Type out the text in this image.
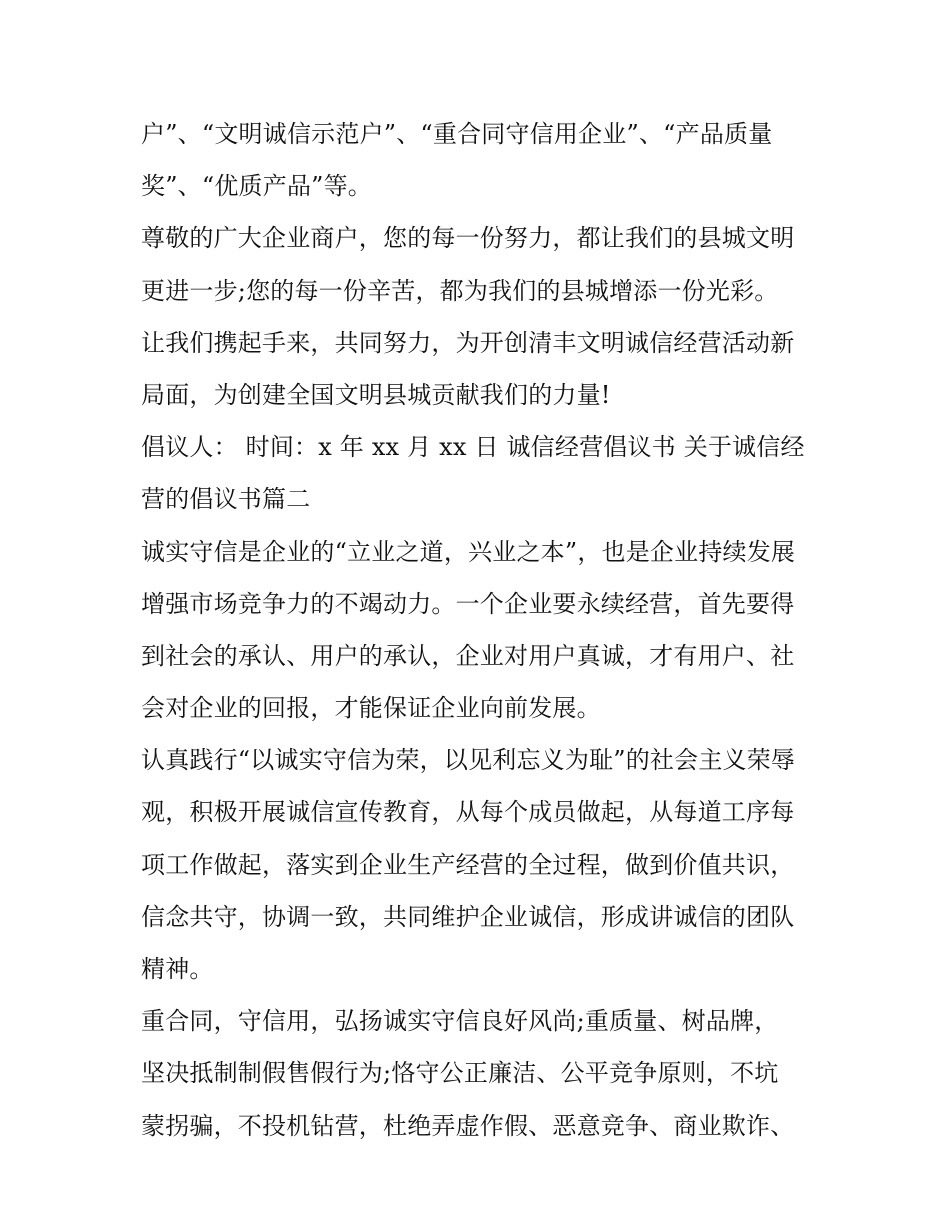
户”、“文明诚信示范户”、“重合同守信用企业”、“产品质量
奖”、“优质产品”等。
尊敬的广大企业商户，您的每一份努力，都让我们的县城文明
更进一步;您的每一份辛苦，都为我们的县城增添一份光彩。
让我们携起手来，共同努力，为开创清丰文明诚信经营活动新
局面，为创建全国文明县城贡献我们的力量!
倡议人： 时间：x 年 xx 月 xx 日 诚信经营倡议书 关于诚信经
营的倡议书篇二
诚实守信是企业的“立业之道，兴业之本”，也是企业持续发展
增强市场竞争力的不竭动力。一个企业要永续经营，首先要得
到社会的承认、用户的承认，企业对用户真诚，才有用户、社
会对企业的回报，才能保证企业向前发展。
认真践行“以诚实守信为荣，以见利忘义为耻”的社会主义荣辱
观，积极开展诚信宣传教育，从每个成员做起，从每道工序每
项工作做起，落实到企业生产经营的全过程，做到价值共识，
信念共守，协调一致，共同维护企业诚信，形成讲诚信的团队
精神。
重合同，守信用，弘扬诚实守信良好风尚;重质量、树品牌，
坚决抵制制假售假行为;恪守公正廉洁、公平竞争原则，不坑
蒙拐骗，不投机钻营，杜绝弄虚作假、恶意竞争、商业欺诈、
